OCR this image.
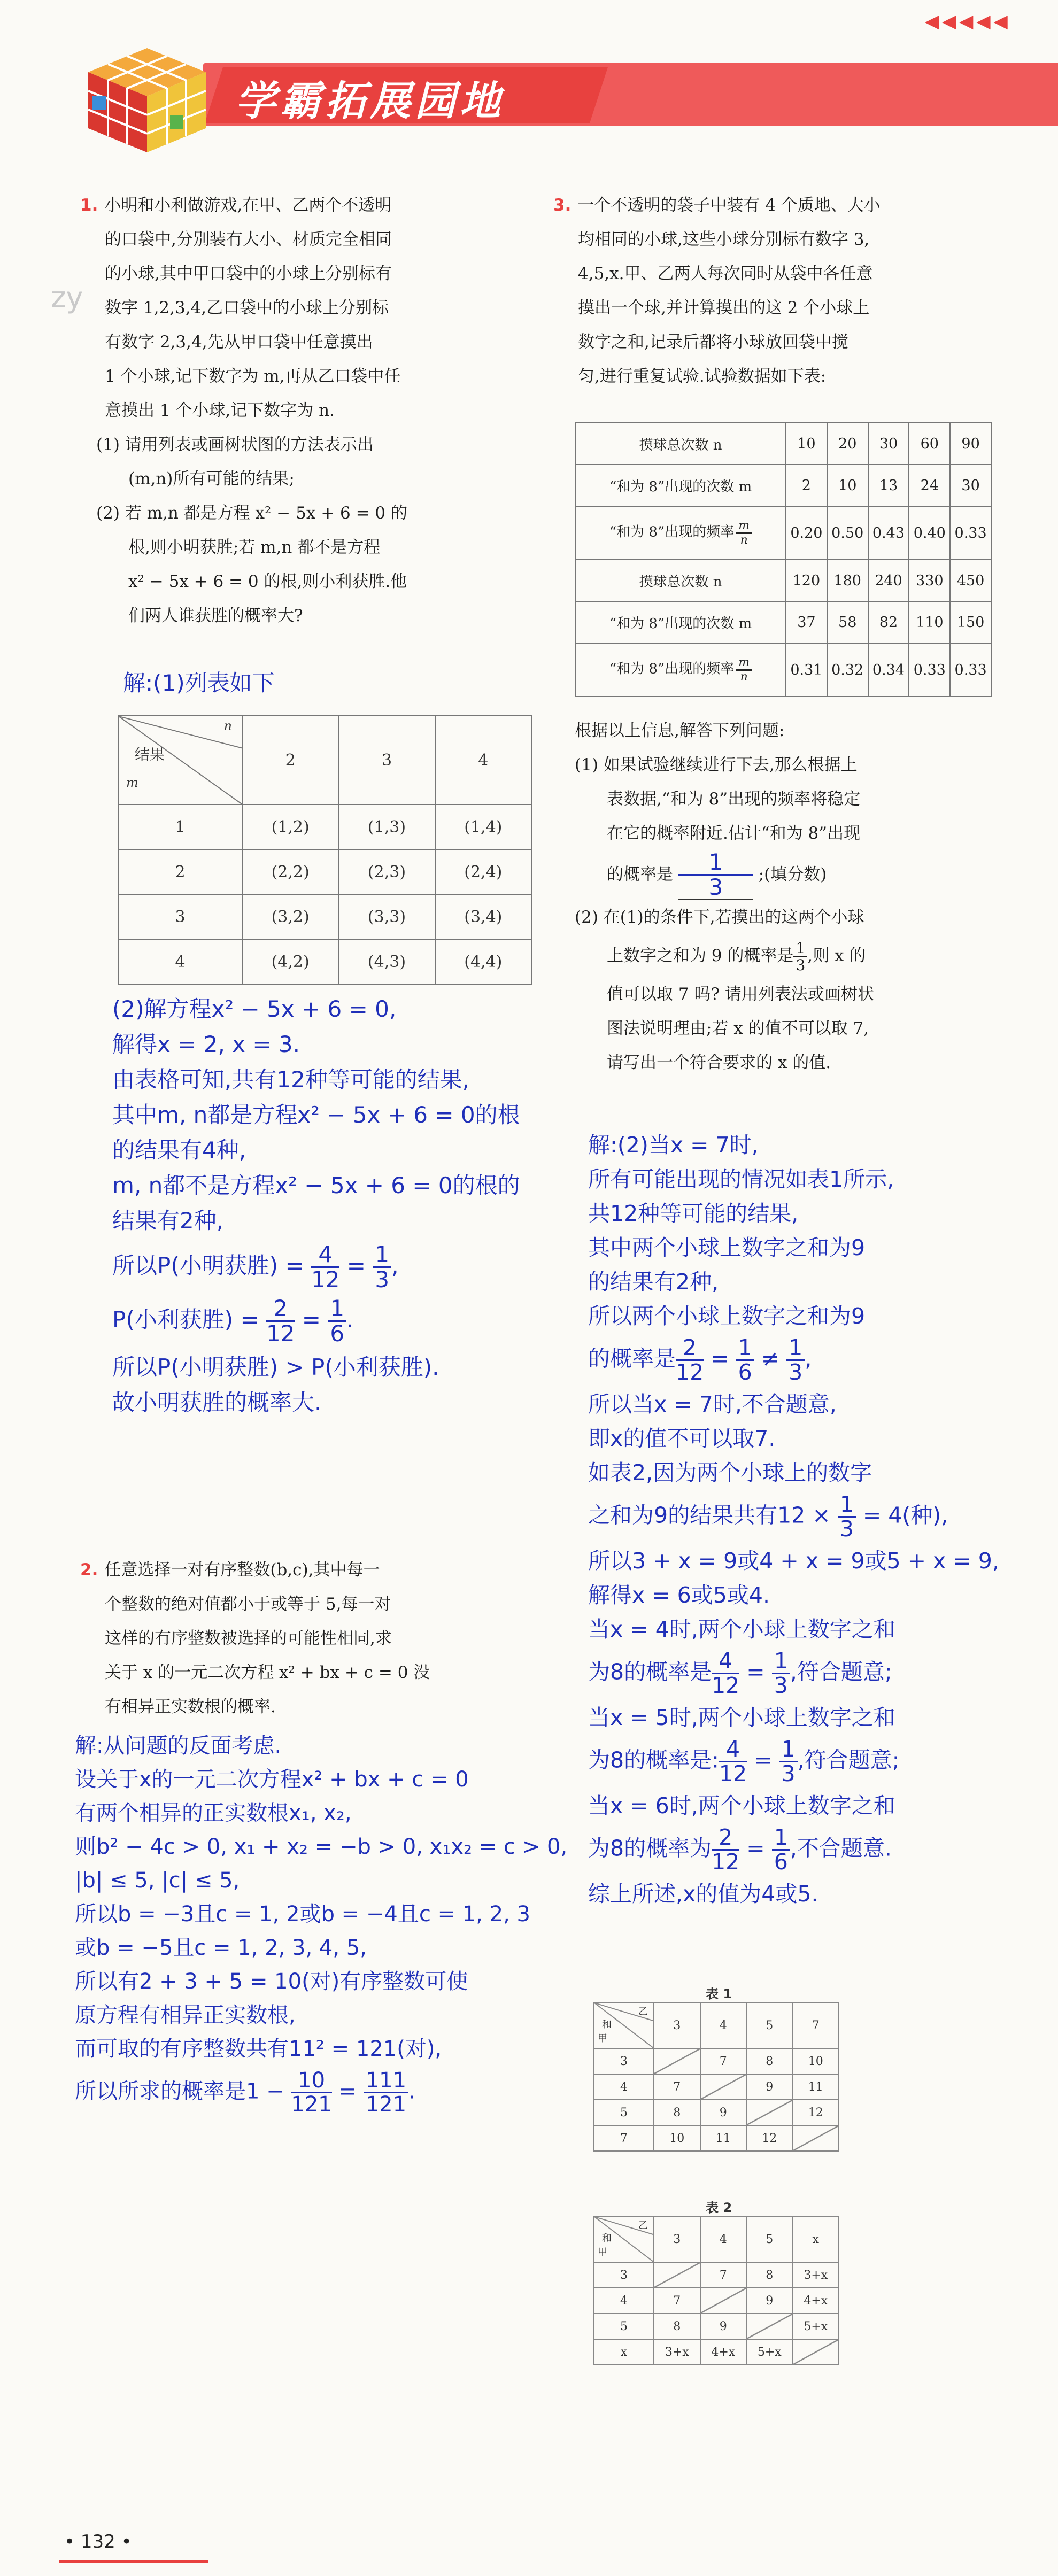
◀◀◀◀◀
学霸拓展园地
zy
1. 小明和小利做游戏,在甲、乙两个不透明
的口袋中,分别装有大小、材质完全相同
的小球,其中甲口袋中的小球上分别标有
数字 1,2,3,4,乙口袋中的小球上分别标
有数字 2,3,4,先从甲口袋中任意摸出
1 个小球,记下数字为 m,再从乙口袋中任
意摸出 1 个小球,记下数字为 n.
(1) 请用列表或画树状图的方法表示出
(m,n)所有可能的结果;
(2) 若 m,n 都是方程 x² − 5x + 6 = 0 的
根,则小明获胜;若 m,n 都不是方程
x² − 5x + 6 = 0 的根,则小利获胜.他
们两人谁获胜的概率大?
解:(1)列表如下
n
结果
m	2	3	4
1	(1,2)	(1,3)	(1,4)
2	(2,2)	(2,3)	(2,4)
3	(3,2)	(3,3)	(3,4)
4	(4,2)	(4,3)	(4,4)
(2)解方程x² − 5x + 6 = 0,
解得x = 2, x = 3.
由表格可知,共有12种等可能的结果,
其中m, n都是方程x² − 5x + 6 = 0的根
的结果有4种,
m, n都不是方程x² − 5x + 6 = 0的根的
结果有2种,
所以P(小明获胜) = $\frac{4}{12} = \frac{1}{3}$ ,
P(小利获胜) = $\frac{2}{12} = \frac{1}{6}$ .
所以P(小明获胜) > P(小利获胜).
故小明获胜的概率大.
2. 任意选择一对有序整数(b,c),其中每一
个整数的绝对值都小于或等于 5,每一对
这样的有序整数被选择的可能性相同,求
关于 x 的一元二次方程 x² + bx + c = 0 没
有相异正实数根的概率.
解:从问题的反面考虑.
设关于x的一元二次方程x² + bx + c = 0
有两个相异的正实数根x₁, x₂,
则b² − 4c > 0, x₁ + x₂ = −b > 0, x₁x₂ = c > 0,
|b| ≤ 5, |c| ≤ 5,
所以b = −3且c = 1, 2或b = −4且c = 1, 2, 3
或b = −5且c = 1, 2, 3, 4, 5,
所以有2 + 3 + 5 = 10(对)有序整数可使
原方程有相异正实数根,
而可取的有序整数共有11² = 121(对),
所以所求的概率是$1 - \frac{10}{121} = \frac{111}{121}$ .
3. 一个不透明的袋子中装有 4 个质地、大小
均相同的小球,这些小球分别标有数字 3,
4,5,x.甲、乙两人每次同时从袋中各任意
摸出一个球,并计算摸出的这 2 个小球上
数字之和,记录后都将小球放回袋中搅
匀,进行重复试验.试验数据如下表:
摸球总次数 n	10	20	30	60	90
“和为 8”出现的次数 m	2	10	13	24	30
“和为 8”出现的频率 $\frac{m}{n}$	0.20	0.50	0.43	0.40	0.33
摸球总次数 n	120	180	240	330	450
“和为 8”出现的次数 m	37	58	82	110	150
“和为 8”出现的频率 $\frac{m}{n}$	0.31	0.32	0.34	0.33	0.33
根据以上信息,解答下列问题:
(1) 如果试验继续进行下去,那么根据上
表数据,“和为 8”出现的频率将稳定
在它的概率附近.估计“和为 8”出现
的概率是 $\frac{1}{3}$ ;(填分数)
(2) 在(1)的条件下,若摸出的这两个小球
上数字之和为 9 的概率是 $\frac{1}{3}$ ,则 x 的
值可以取 7 吗? 请用列表法或画树状
图法说明理由;若 x 的值不可以取 7,
请写出一个符合要求的 x 的值.
解:(2)当x = 7时,
所有可能出现的情况如表1所示,
共12种等可能的结果,
其中两个小球上数字之和为9
的结果有2种,
所以两个小球上数字之和为9
的概率是 $\frac{2}{12} = \frac{1}{6} \ne \frac{1}{3}$ ,
所以当x = 7时,不合题意,
即x的值不可以取7.
如表2,因为两个小球上的数字
之和为9的结果共有$12 \times \frac{1}{3} = 4$(种),
所以3 + x = 9或4 + x = 9或5 + x = 9,
解得x = 6或5或4.
当x = 4时,两个小球上数字之和
为8的概率是 $\frac{4}{12} = \frac{1}{3}$ ,符合题意;
当x = 5时,两个小球上数字之和
为8的概率是: $\frac{4}{12} = \frac{1}{3}$ ,符合题意;
当x = 6时,两个小球上数字之和
为8的概率为 $\frac{2}{12} = \frac{1}{6}$ ,不合题意.
综上所述,x的值为4或5.
表 1
乙
和
甲	3	4	5	7
3		7	8	10
4	7		9	11
5	8	9		12
7	10	11	12	
表 2
乙
和
甲	3	4	5	x
3		7	8	3+x
4	7		9	4+x
5	8	9		5+x
x	3+x	4+x	5+x	
• 132 •
